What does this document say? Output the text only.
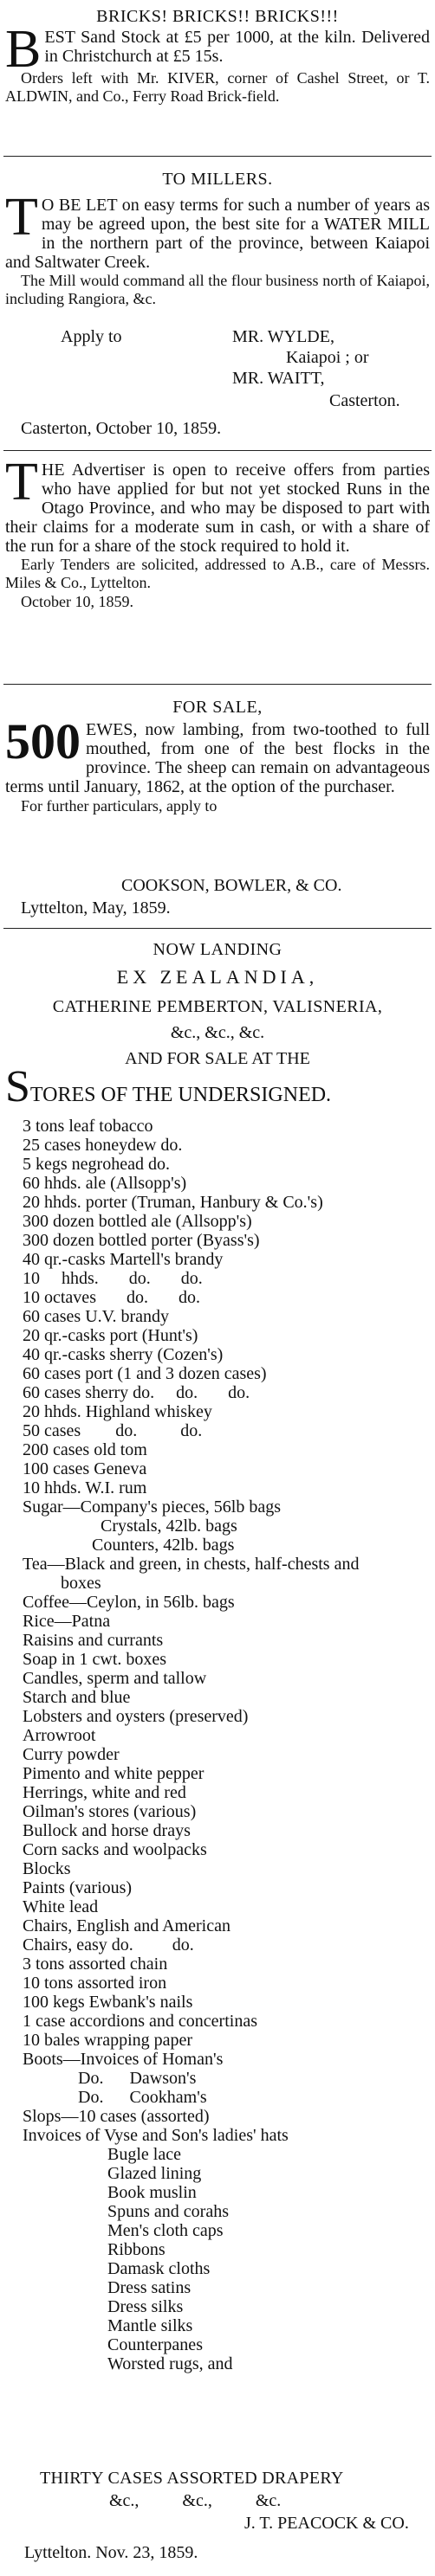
BRICKS! BRICKS!! BRICKS!!!
BEST Sand Stock at £5 per 1000, at the kiln. Delivered in Christchurch at £5 15s.
Orders left with Mr. KIVER, corner of Cashel Street, or T. ALDWIN, and Co., Ferry Road Brick-field.
TO MILLERS.
T O BE LET on easy terms for such a number of years as may be agreed upon, the best site for a WATER MILL in the northern part of the province, between Kaiapoi and Saltwater Creek.
The Mill would command all the flour business north of Kaiapoi, including Rangiora, &c.
Apply to	MR. WYLDE,
Kaiapoi ; or
MR. WAITT,
Casterton.
Casterton, October 10, 1859.
THE Advertiser is open to receive offers from parties who have applied for but not yet stocked Runs in the Otago Province, and who may be disposed to part with their claims for a moderate sum in cash, or with a share of the run for a share of the stock required to hold it.
Early Tenders are solicited, addressed to A.B., care of Messrs. Miles & Co., Lyttelton.
October 10, 1859.
FOR SALE,
500 EWES, now lambing, from two-toothed to full mouthed, from one of the best flocks in the province. The sheep can remain on advantageous terms until January, 1862, at the option of the purchaser.
For further particulars, apply to
COOKSON, BOWLER, & CO.
Lyttelton, May, 1859.
NOW LANDING
EX ZEALANDIA,
CATHERINE PEMBERTON, VALISNERIA,
&c., &c., &c.
AND FOR SALE AT THE
STORES OF THE UNDERSIGNED.
3 tons leaf tobacco
25 cases honeydew do.
5 kegs negrohead do.
60 hhds. ale (Allsopp's)
20 hhds. porter (Truman, Hanbury & Co.'s)
300 dozen bottled ale (Allsopp's)
300 dozen bottled porter (Byass's)
40 qr.-casks Martell's brandy
10     hhds.       do.       do.
10 octaves       do.       do.
60 cases U.V. brandy
20 qr.-casks port (Hunt's)
40 qr.-casks sherry (Cozen's)
60 cases port (1 and 3 dozen cases)
60 cases sherry do.     do.       do.
20 hhds. Highland whiskey
50 cases        do.          do.
200 cases old tom
100 cases Geneva
10 hhds. W.I. rum
Sugar—Company's pieces, 56lb bags
Crystals, 42lb. bags
Counters, 42lb. bags
Tea—Black and green, in chests, half-chests and
boxes
Coffee—Ceylon, in 56lb. bags
Rice—Patna
Raisins and currants
Soap in 1 cwt. boxes
Candles, sperm and tallow
Starch and blue
Lobsters and oysters (preserved)
Arrowroot
Curry powder
Pimento and white pepper
Herrings, white and red
Oilman's stores (various)
Bullock and horse drays
Corn sacks and woolpacks
Blocks
Paints (various)
White lead
Chairs, English and American
Chairs, easy do.         do.
3 tons assorted chain
10 tons assorted iron
100 kegs Ewbank's nails
1 case accordions and concertinas
10 bales wrapping paper
Boots—Invoices of Homan's
Do.      Dawson's
Do.      Cookham's
Slops—10 cases (assorted)
Invoices of Vyse and Son's ladies' hats
Bugle lace
Glazed lining
Book muslin
Spuns and corahs
Men's cloth caps
Ribbons
Damask cloths
Dress satins
Dress silks
Mantle silks
Counterpanes
Worsted rugs, and
THIRTY CASES ASSORTED DRAPERY
&c.,          &c.,          &c.
J. T. PEACOCK & CO.
Lyttelton. Nov. 23, 1859.
